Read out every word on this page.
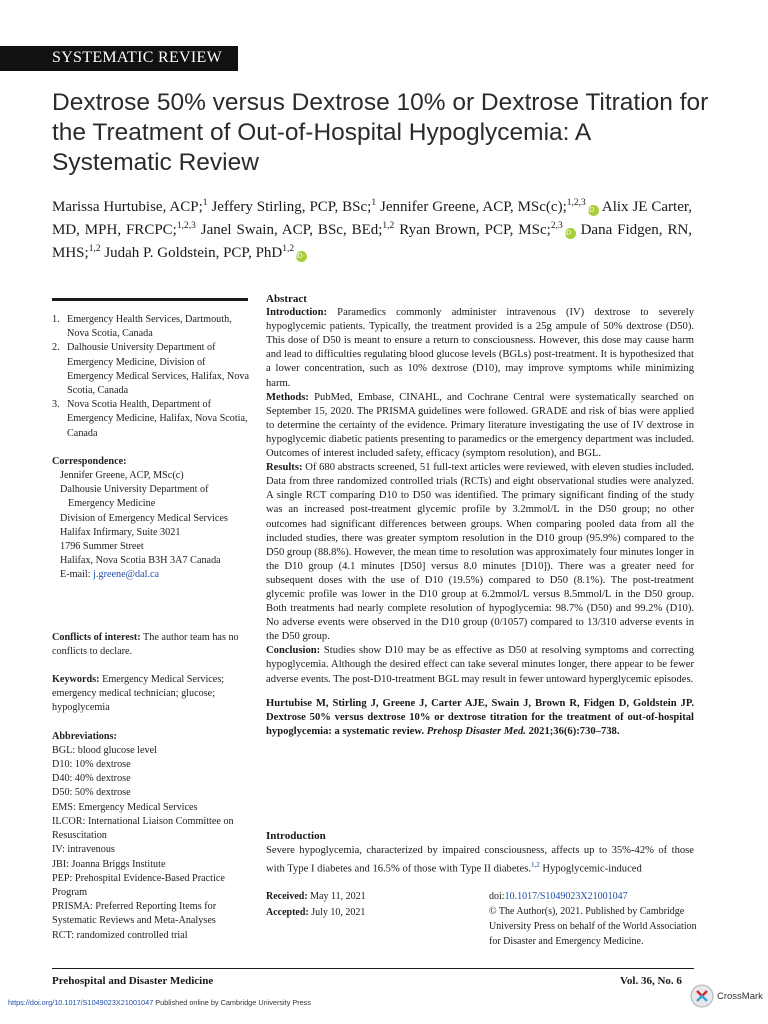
SYSTEMATIC REVIEW
Dextrose 50% versus Dextrose 10% or Dextrose Titration for the Treatment of Out-of-Hospital Hypoglycemia: A Systematic Review
Marissa Hurtubise, ACP;$^1$ Jeffery Stirling, PCP, BSc;$^1$ Jennifer Greene, ACP, MSc(c);$^{1,2,3}$iD Alix JE Carter, MD, MPH, FRCPC;$^{1,2,3}$ Janel Swain, ACP, BSc, BEd;$^{1,2}$ Ryan Brown, PCP, MSc;$^{2,3}$iD Dana Fidgen, RN, MHS;$^{1,2}$ Judah P. Goldstein, PCP, PhD$^{1,2}$iD
1. Emergency Health Services, Dartmouth, Nova Scotia, Canada
2. Dalhousie University Department of Emergency Medicine, Division of Emergency Medical Services, Halifax, Nova Scotia, Canada
3. Nova Scotia Health, Department of Emergency Medicine, Halifax, Nova Scotia, Canada
Correspondence:
Jennifer Greene, ACP, MSc(c)
Dalhousie University Department of
Emergency Medicine
Division of Emergency Medical Services
Halifax Infirmary, Suite 3021
1796 Summer Street
Halifax, Nova Scotia B3H 3A7 Canada
E-mail: j.greene@dal.ca
Conflicts of interest: The author team has no conflicts to declare.
Keywords: Emergency Medical Services; emergency medical technician; glucose; hypoglycemia
Abbreviations:
BGL: blood glucose level
D10: 10% dextrose
D40: 40% dextrose
D50: 50% dextrose
EMS: Emergency Medical Services
ILCOR: International Liaison Committee on Resuscitation
IV: intravenous
JBI: Joanna Briggs Institute
PEP: Prehospital Evidence-Based Practice Program
PRISMA: Preferred Reporting Items for Systematic Reviews and Meta-Analyses
RCT: randomized controlled trial
Abstract

Introduction: Paramedics commonly administer intravenous (IV) dextrose to severely hypoglycemic patients. Typically, the treatment provided is a 25g ampule of 50% dextrose (D50). This dose of D50 is meant to ensure a return to consciousness. However, this dose may cause harm and lead to difficulties regulating blood glucose levels (BGLs) post-treatment. It is hypothesized that a lower concentration, such as 10% dextrose (D10), may improve symptoms while minimizing harm.

Methods: PubMed, Embase, CINAHL, and Cochrane Central were systematically searched on September 15, 2020. The PRISMA guidelines were followed. GRADE and risk of bias were applied to determine the certainty of the evidence. Primary literature investigating the use of IV dextrose in hypoglycemic diabetic patients presenting to paramedics or the emergency department was included. Outcomes of interest included safety, efficacy (symptom resolution), and BGL.

Results: Of 680 abstracts screened, 51 full-text articles were reviewed, with eleven studies included. Data from three randomized controlled trials (RCTs) and eight observational studies were analyzed. A single RCT comparing D10 to D50 was identified. The primary significant finding of the study was an increased post-treatment glycemic profile by 3.2mmol/L in the D50 group; no other outcomes had significant differences between groups. When comparing pooled data from all the included studies, there was greater symptom resolution in the D10 group (95.9%) compared to the D50 group (88.8%). However, the mean time to resolution was approximately four minutes longer in the D10 group (4.1 minutes [D50] versus 8.0 minutes [D10]). There was a greater need for subsequent doses with the use of D10 (19.5%) compared to D50 (8.1%). The post-treatment glycemic profile was lower in the D10 group at 6.2mmol/L versus 8.5mmol/L in the D50 group. Both treatments had nearly complete resolution of hypoglycemia: 98.7% (D50) and 99.2% (D10). No adverse events were observed in the D10 group (0/1057) compared to 13/310 adverse events in the D50 group.

Conclusion: Studies show D10 may be as effective as D50 at resolving symptoms and correcting hypoglycemia. Although the desired effect can take several minutes longer, there appear to be fewer adverse events. The post-D10-treatment BGL may result in fewer untoward hyperglycemic episodes.

Hurtubise M, Stirling J, Greene J, Carter AJE, Swain J, Brown R, Fidgen D, Goldstein JP. Dextrose 50% versus dextrose 10% or dextrose titration for the treatment of out-of-hospital hypoglycemia: a systematic review. Prehosp Disaster Med. 2021;36(6):730–738.

Introduction
Severe hypoglycemia, characterized by impaired consciousness, affects up to 35%-42% of those with Type I diabetes and 16.5% of those with Type II diabetes.$^{1,2}$ Hypoglycemic-induced
Received: May 11, 2021
Accepted: July 10, 2021
doi:10.1017/S1049023X21001047
© The Author(s), 2021. Published by Cambridge University Press on behalf of the World Association for Disaster and Emergency Medicine.
Prehospital and Disaster Medicine	Vol. 36, No. 6
https://doi.org/10.1017/S1049023X21001047 Published online by Cambridge University Press
CrossMark
